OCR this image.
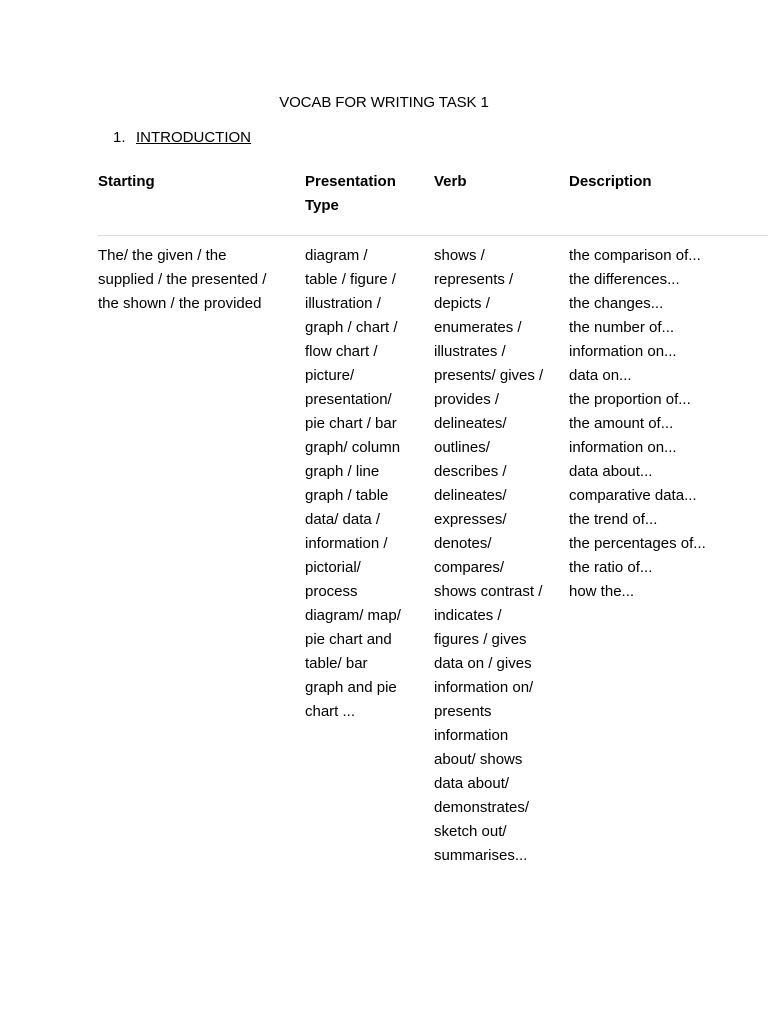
VOCAB FOR WRITING TASK 1
1. INTRODUCTION
Starting	Presentation
Type
Verb	Description
The/ the given / the
supplied / the presented /
the shown / the provided
diagram /
table / figure /
illustration /
graph / chart /
flow chart /
picture/
presentation/
pie chart / bar
graph/ column
graph / line
graph / table
data/ data /
information /
pictorial/
process
diagram/ map/
pie chart and
table/ bar
graph and pie
chart ...
shows /
represents /
depicts /
enumerates /
illustrates /
presents/ gives /
provides /
delineates/
outlines/
describes /
delineates/
expresses/
denotes/
compares/
shows contrast /
indicates /
figures / gives
data on / gives
information on/
presents
information
about/ shows
data about/
demonstrates/
sketch out/
summarises...
the comparison of...
the differences...
the changes...
the number of...
information on...
data on...
the proportion of...
the amount of...
information on...
data about...
comparative data...
the trend of...
the percentages of...
the ratio of...
how the...
